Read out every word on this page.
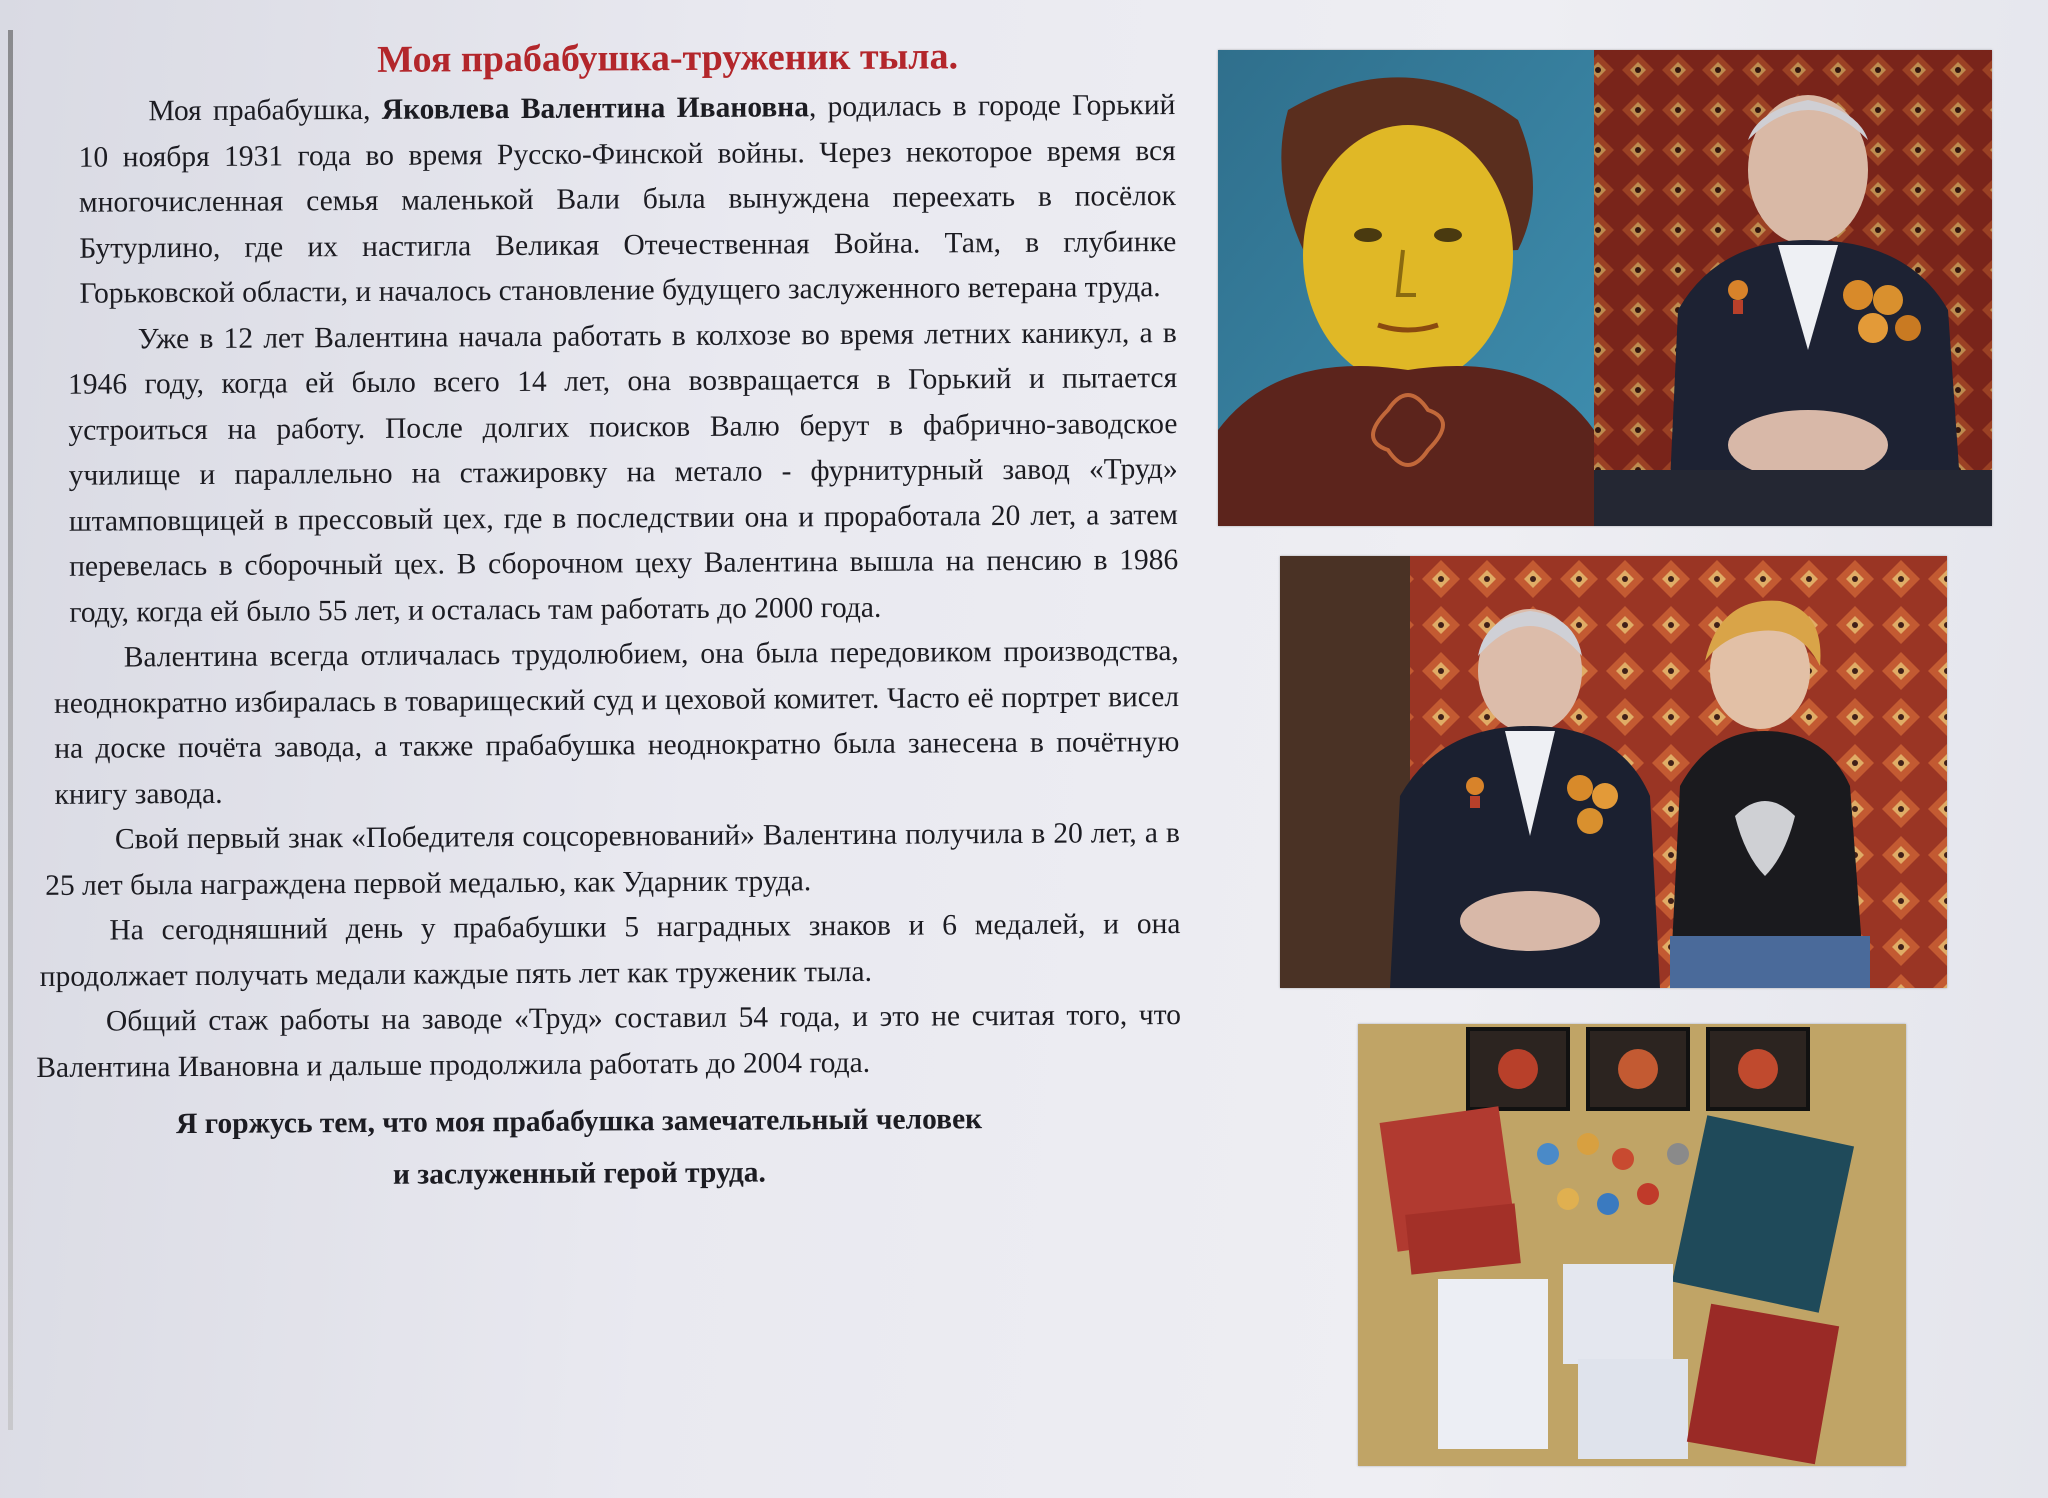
Моя прабабушка-труженик тыла.

Моя прабабушка, Яковлева Валентина Ивановна, родилась в городе Горький 10 ноября 1931 года во время Русско-Финской войны. Через некоторое время вся многочисленная семья маленькой Вали была вынуждена переехать в посёлок Бутурлино, где их настигла Великая Отечественная Война. Там, в глубинке Горьковской области, и началось становление будущего заслуженного ветерана труда.

Уже в 12 лет Валентина начала работать в колхозе во время летних каникул, а в 1946 году, когда ей было всего 14 лет, она возвращается в Горький и пытается устроиться на работу. После долгих поисков Валю берут в фабрично-заводское училище и параллельно на стажировку на метало - фурнитурный завод «Труд» штамповщицей в прессовый цех, где в последствии она и проработала 20 лет, а затем перевелась в сборочный цех. В сборочном цеху Валентина вышла на пенсию в 1986 году, когда ей было 55 лет, и осталась там работать до 2000 года.

Валентина всегда отличалась трудолюбием, она была передовиком производства, неоднократно избиралась в товарищеский суд и цеховой комитет. Часто её портрет висел на доске почёта завода, а также прабабушка неоднократно была занесена в почётную книгу завода.

Свой первый знак «Победителя соцсоревнований» Валентина получила в 20 лет, а в 25 лет была награждена первой медалью, как Ударник труда.

На сегодняшний день у прабабушки 5 наградных знаков и 6 медалей, и она продолжает получать медали каждые пять лет как труженик тыла.

Общий стаж работы на заводе «Труд» составил 54 года, и это не считая того, что Валентина Ивановна и дальше продолжила работать до 2004 года.

Я горжусь тем, что моя прабабушка замечательный человек
и заслуженный герой труда.
